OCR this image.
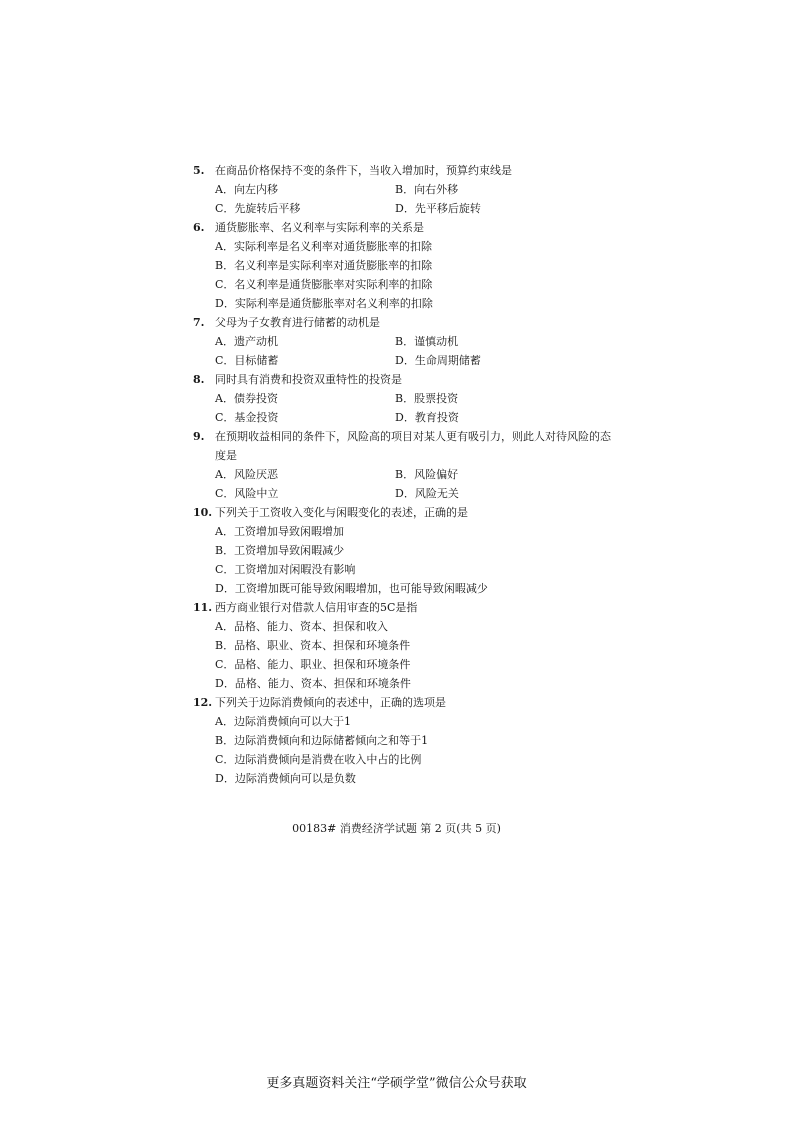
5. 在商品价格保持不变的条件下，当收入增加时，预算约束线是
A．向左内移	B．向右外移
C．先旋转后平移	D．先平移后旋转
6. 通货膨胀率、名义利率与实际利率的关系是
A．实际利率是名义利率对通货膨胀率的扣除
B．名义利率是实际利率对通货膨胀率的扣除
C．名义利率是通货膨胀率对实际利率的扣除
D．实际利率是通货膨胀率对名义利率的扣除
7. 父母为子女教育进行储蓄的动机是
A．遗产动机	B．谨慎动机
C．目标储蓄	D．生命周期储蓄
8. 同时具有消费和投资双重特性的投资是
A．债券投资	B．股票投资
C．基金投资	D．教育投资
9. 在预期收益相同的条件下，风险高的项目对某人更有吸引力，则此人对待风险的态
度是
A．风险厌恶	B．风险偏好
C．风险中立	D．风险无关
10. 下列关于工资收入变化与闲暇变化的表述，正确的是
A．工资增加导致闲暇增加
B．工资增加导致闲暇减少
C．工资增加对闲暇没有影响
D．工资增加既可能导致闲暇增加，也可能导致闲暇减少
11. 西方商业银行对借款人信用审查的5C是指
A．品格、能力、资本、担保和收入
B．品格、职业、资本、担保和环境条件
C．品格、能力、职业、担保和环境条件
D．品格、能力、资本、担保和环境条件
12. 下列关于边际消费倾向的表述中，正确的选项是
A．边际消费倾向可以大于1
B．边际消费倾向和边际储蓄倾向之和等于1
C．边际消费倾向是消费在收入中占的比例
D．边际消费倾向可以是负数
00183# 消费经济学试题 第 2 页(共 5 页)
更多真题资料关注“学硕学堂”微信公众号获取
